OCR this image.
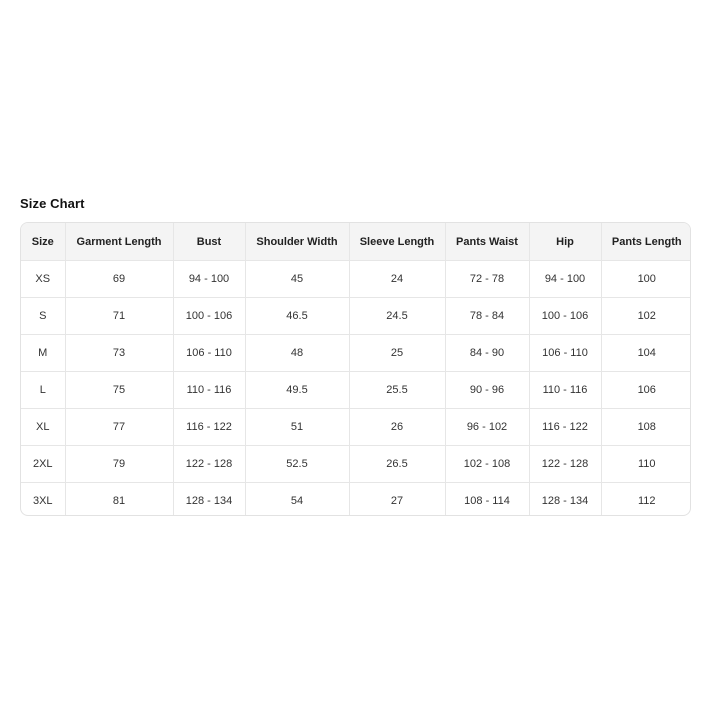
Size Chart
Size	Garment Length	Bust	Shoulder Width	Sleeve Length	Pants Waist	Hip	Pants Length
XS	69	94 - 100	45	24	72 - 78	94 - 100	100
S	71	100 - 106	46.5	24.5	78 - 84	100 - 106	102
M	73	106 - 110	48	25	84 - 90	106 - 110	104
L	75	110 - 116	49.5	25.5	90 - 96	110 - 116	106
XL	77	116 - 122	51	26	96 - 102	116 - 122	108
2XL	79	122 - 128	52.5	26.5	102 - 108	122 - 128	110
3XL	81	128 - 134	54	27	108 - 114	128 - 134	112
